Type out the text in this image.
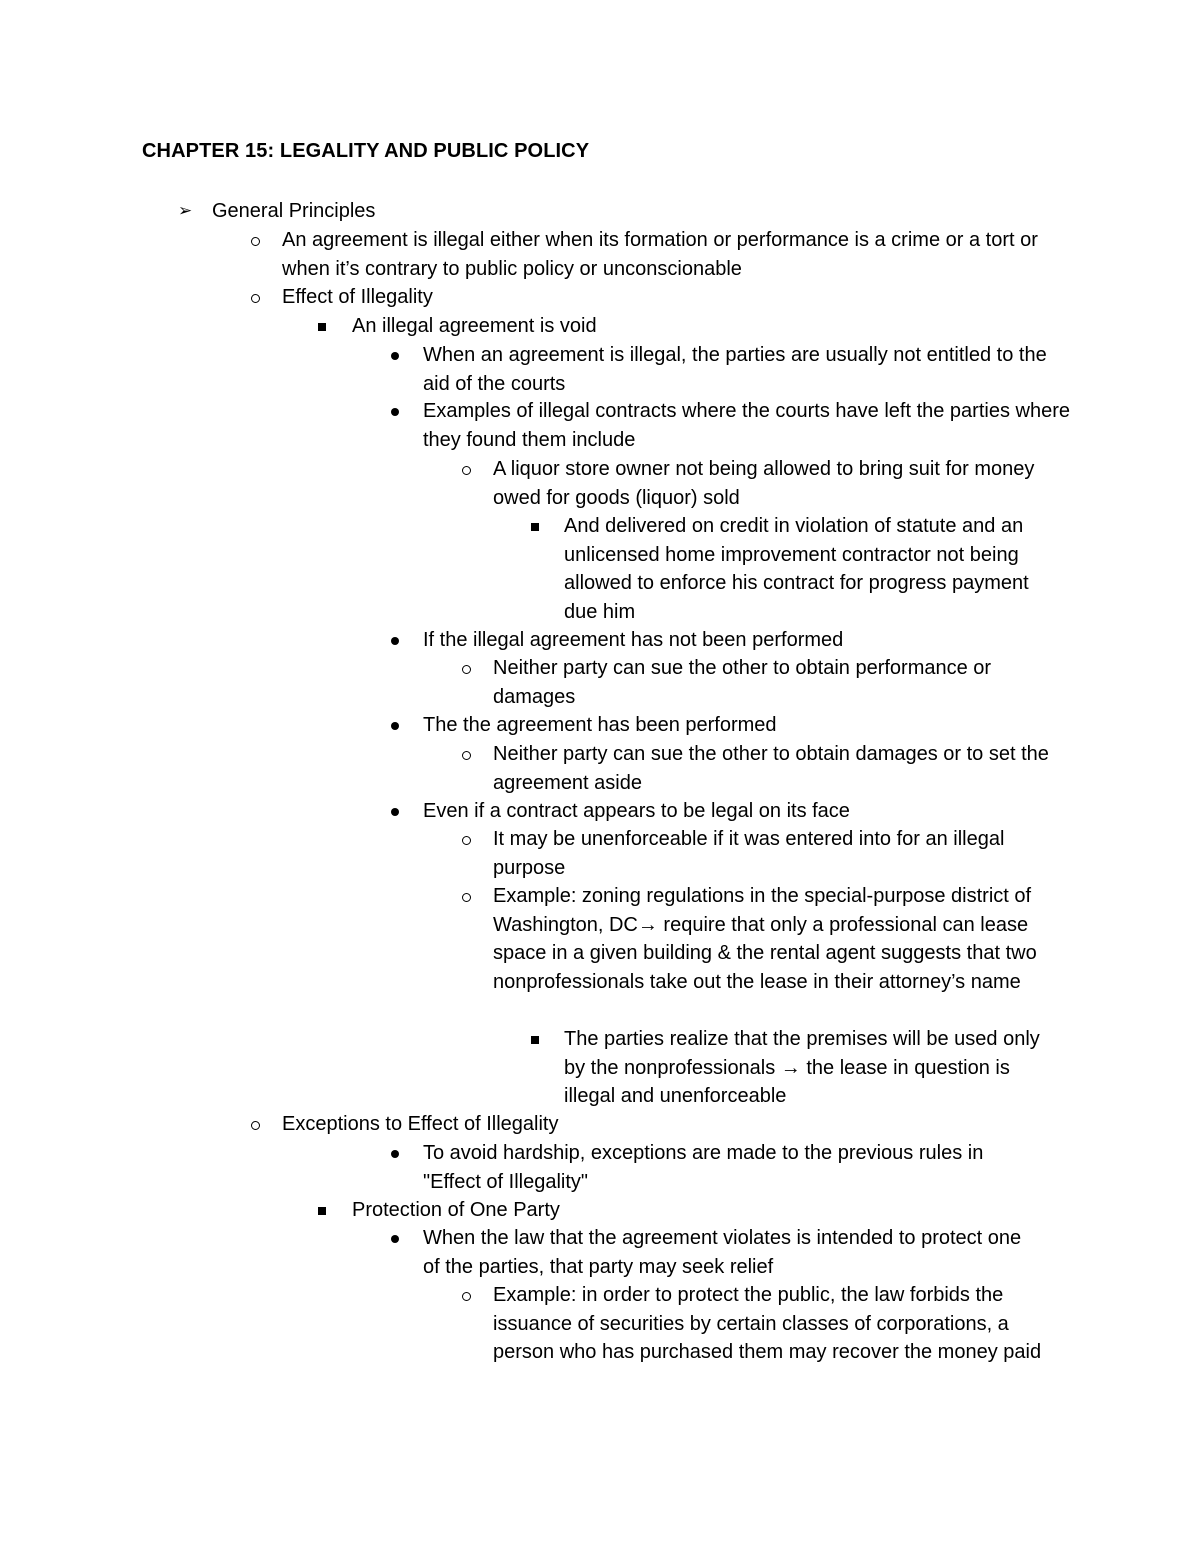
CHAPTER 15: LEGALITY AND PUBLIC POLICY
➢
General Principles
An agreement is illegal either when its formation or performance is a crime or a tort or when it’s contrary to public policy or unconscionable
Effect of Illegality
An illegal agreement is void
When an agreement is illegal, the parties are usually not entitled to the aid of the courts
Examples of illegal contracts where the courts have left the parties where they found them include
A liquor store owner not being allowed to bring suit for money owed for goods (liquor) sold
And delivered on credit in violation of statute and an unlicensed home improvement contractor not being allowed to enforce his contract for progress payment due him
If the illegal agreement has not been performed
Neither party can sue the other to obtain performance or damages
The the agreement has been performed
Neither party can sue the other to obtain damages or to set the agreement aside
Even if a contract appears to be legal on its face
It may be unenforceable if it was entered into for an illegal purpose
Example: zoning regulations in the special-purpose district of Washington, DC→ require that only a professional can lease space in a given building & the rental agent suggests that two nonprofessionals take out the lease in their attorney’s name
The parties realize that the premises will be used only by the nonprofessionals → the lease in question is illegal and unenforceable
Exceptions to Effect of Illegality
To avoid hardship, exceptions are made to the previous rules in "Effect of Illegality"
Protection of One Party
When the law that the agreement violates is intended to protect one of the parties, that party may seek relief
Example: in order to protect the public, the law forbids the issuance of securities by certain classes of corporations, a person who has purchased them may recover the money paid
